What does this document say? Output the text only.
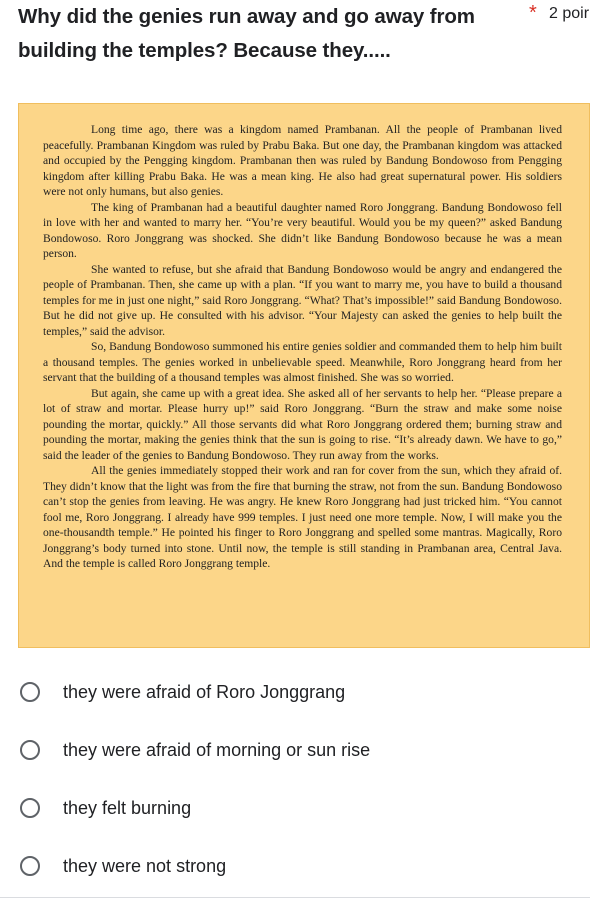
Why did the genies run away and go away from building the temples? Because they.....
* 2 poir

Long time ago, there was a kingdom named Prambanan. All the people of Prambanan lived peacefully. Prambanan Kingdom was ruled by Prabu Baka. But one day, the Prambanan kingdom was attacked and occupied by the Pengging kingdom. Prambanan then was ruled by Bandung Bondowoso from Pengging kingdom after killing Prabu Baka. He was a mean king. He also had great supernatural power. His soldiers were not only humans, but also genies.

The king of Prambanan had a beautiful daughter named Roro Jonggrang. Bandung Bondowoso fell in love with her and wanted to marry her. “You’re very beautiful. Would you be my queen?” asked Bandung Bondowoso. Roro Jonggrang was shocked. She didn’t like Bandung Bondowoso because he was a mean person.

She wanted to refuse, but she afraid that Bandung Bondowoso would be angry and endangered the people of Prambanan. Then, she came up with a plan. “If you want to marry me, you have to build a thousand temples for me in just one night,” said Roro Jonggrang. “What? That’s impossible!” said Bandung Bondowoso. But he did not give up. He consulted with his advisor. “Your Majesty can asked the genies to help built the temples,” said the advisor.

So, Bandung Bondowoso summoned his entire genies soldier and commanded them to help him built a thousand temples. The genies worked in unbelievable speed. Meanwhile, Roro Jonggrang heard from her servant that the building of a thousand temples was almost finished. She was so worried.

But again, she came up with a great idea. She asked all of her servants to help her. “Please prepare a lot of straw and mortar. Please hurry up!” said Roro Jonggrang. “Burn the straw and make some noise pounding the mortar, quickly.” All those servants did what Roro Jonggrang ordered them; burning straw and pounding the mortar, making the genies think that the sun is going to rise. “It’s already dawn. We have to go,” said the leader of the genies to Bandung Bondowoso. They run away from the works.

All the genies immediately stopped their work and ran for cover from the sun, which they afraid of. They didn’t know that the light was from the fire that burning the straw, not from the sun. Bandung Bondowoso can’t stop the genies from leaving. He was angry. He knew Roro Jonggrang had just tricked him. “You cannot fool me, Roro Jonggrang. I already have 999 temples. I just need one more temple. Now, I will make you the one-thousandth temple.” He pointed his finger to Roro Jonggrang and spelled some mantras. Magically, Roro Jonggrang’s body turned into stone. Until now, the temple is still standing in Prambanan area, Central Java. And the temple is called Roro Jonggrang temple.

they were afraid of Roro Jonggrang
they were afraid of morning or sun rise
they felt burning
they were not strong
